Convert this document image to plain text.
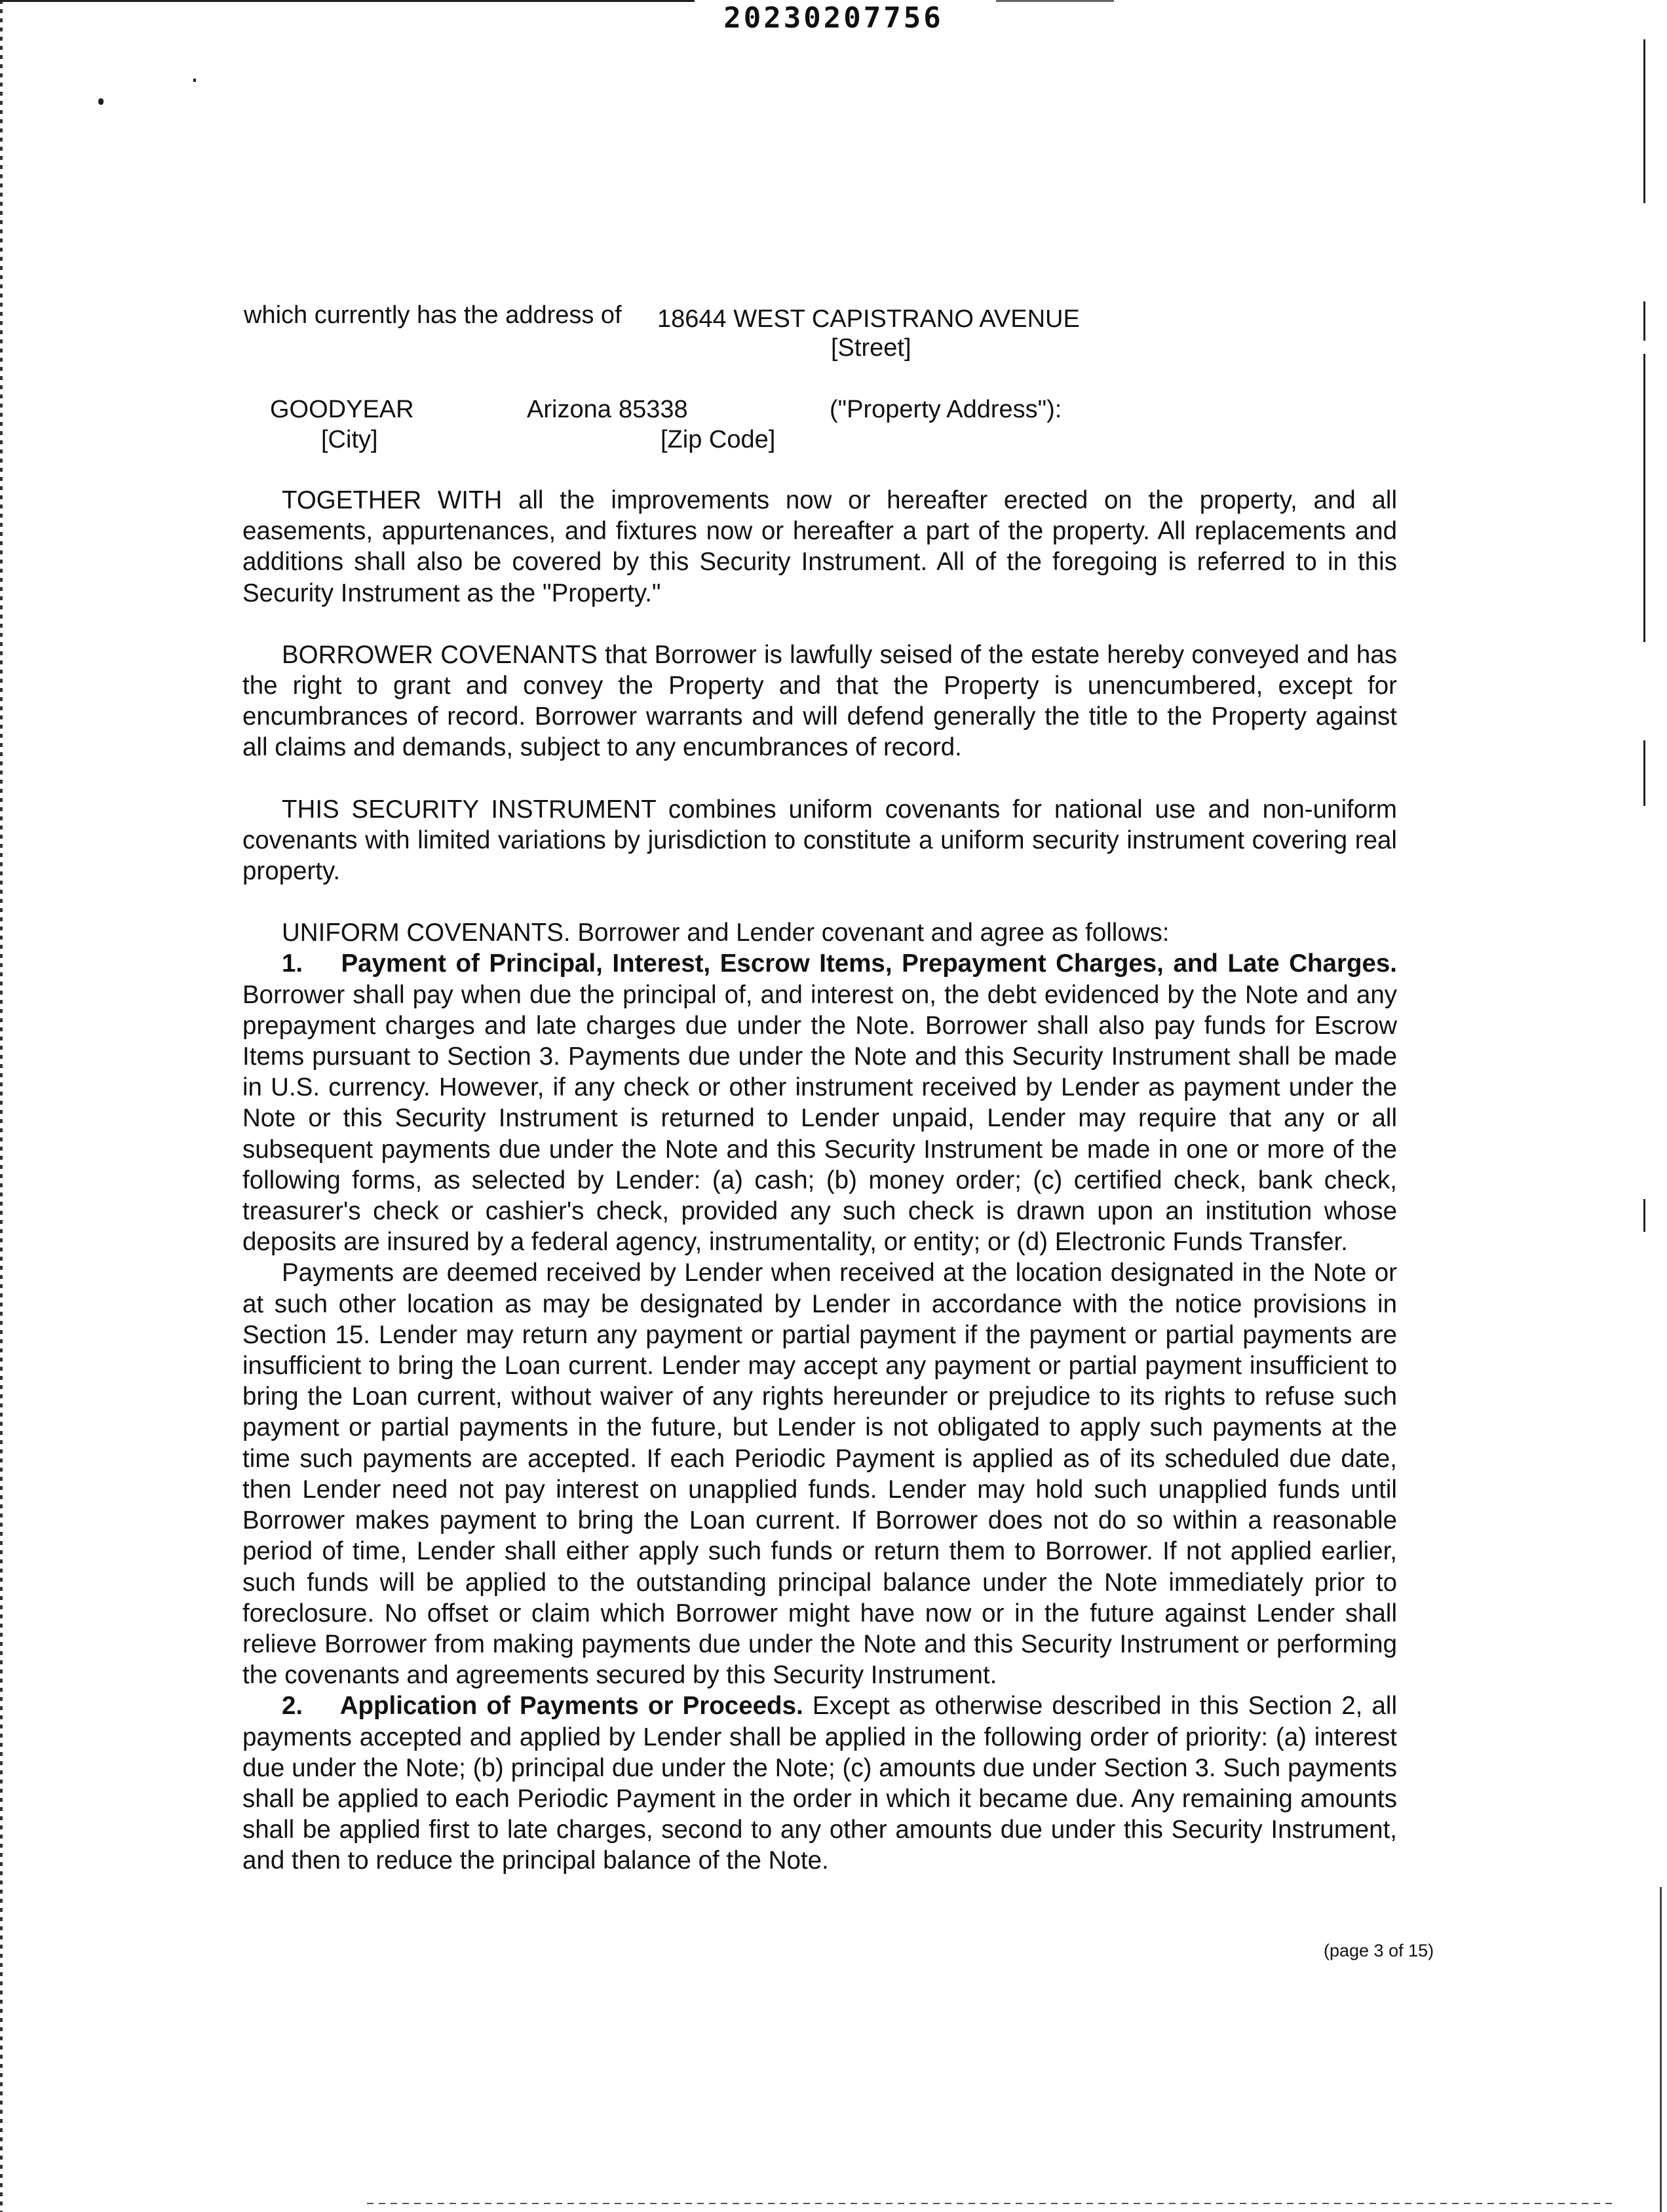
20230207756
which currently has the address of 18644 WEST CAPISTRANO AVENUE
[Street]
GOODYEAR
[City]
Arizona 85338
[Zip Code]
("Property Address"):

TOGETHER WITH all the improvements now or hereafter erected on the property, and all easements, appurtenances, and fixtures now or hereafter a part of the property. All replacements and additions shall also be covered by this Security Instrument. All of the foregoing is referred to in this Security Instrument as the "Property."

BORROWER COVENANTS that Borrower is lawfully seised of the estate hereby conveyed and has the right to grant and convey the Property and that the Property is unencumbered, except for encumbrances of record. Borrower warrants and will defend generally the title to the Property against all claims and demands, subject to any encumbrances of record.

THIS SECURITY INSTRUMENT combines uniform covenants for national use and non-uniform covenants with limited variations by jurisdiction to constitute a uniform security instrument covering real property.

UNIFORM COVENANTS. Borrower and Lender covenant and agree as follows:

1. Payment of Principal, Interest, Escrow Items, Prepayment Charges, and Late Charges. Borrower shall pay when due the principal of, and interest on, the debt evidenced by the Note and any prepayment charges and late charges due under the Note. Borrower shall also pay funds for Escrow Items pursuant to Section 3. Payments due under the Note and this Security Instrument shall be made in U.S. currency. However, if any check or other instrument received by Lender as payment under the Note or this Security Instrument is returned to Lender unpaid, Lender may require that any or all subsequent payments due under the Note and this Security Instrument be made in one or more of the following forms, as selected by Lender: (a) cash; (b) money order; (c) certified check, bank check, treasurer's check or cashier's check, provided any such check is drawn upon an institution whose deposits are insured by a federal agency, instrumentality, or entity; or (d) Electronic Funds Transfer.

Payments are deemed received by Lender when received at the location designated in the Note or at such other location as may be designated by Lender in accordance with the notice provisions in Section 15. Lender may return any payment or partial payment if the payment or partial payments are insufficient to bring the Loan current. Lender may accept any payment or partial payment insufficient to bring the Loan current, without waiver of any rights hereunder or prejudice to its rights to refuse such payment or partial payments in the future, but Lender is not obligated to apply such payments at the time such payments are accepted. If each Periodic Payment is applied as of its scheduled due date, then Lender need not pay interest on unapplied funds. Lender may hold such unapplied funds until Borrower makes payment to bring the Loan current. If Borrower does not do so within a reasonable period of time, Lender shall either apply such funds or return them to Borrower. If not applied earlier, such funds will be applied to the outstanding principal balance under the Note immediately prior to foreclosure. No offset or claim which Borrower might have now or in the future against Lender shall relieve Borrower from making payments due under the Note and this Security Instrument or performing the covenants and agreements secured by this Security Instrument.

2. Application of Payments or Proceeds. Except as otherwise described in this Section 2, all payments accepted and applied by Lender shall be applied in the following order of priority: (a) interest due under the Note; (b) principal due under the Note; (c) amounts due under Section 3. Such payments shall be applied to each Periodic Payment in the order in which it became due. Any remaining amounts shall be applied first to late charges, second to any other amounts due under this Security Instrument, and then to reduce the principal balance of the Note.

(page 3 of 15)
